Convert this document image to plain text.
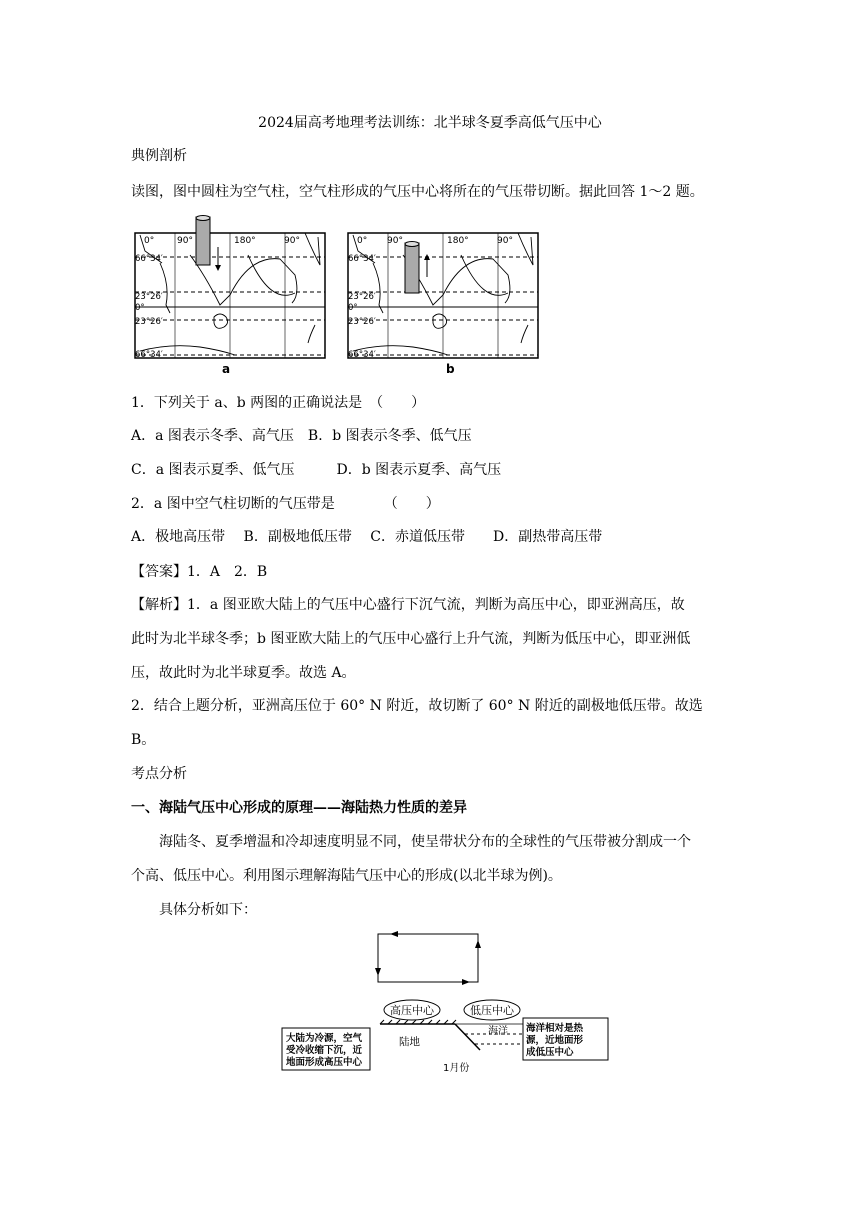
2024届高考地理考法训练：北半球冬夏季高低气压中心
典例剖析
读图，图中圆柱为空气柱，空气柱形成的气压中心将所在的气压带切断。据此回答 1～2 题。
0°	90°	180°	90°
66°34′
23°26′
0°
23°26′
66°34′
a
0° 90°	180°	90°
66°34′
23°26′
0°
23°26′
66°34′
b
1．下列关于 a、b 两图的正确说法是　（　　）
A．a 图表示冬季、高气压　B．b 图表示冬季、低气压
C．a 图表示夏季、低气压　　　D．b 图表示夏季、高气压
2．a 图中空气柱切断的气压带是　　　　（　　）
A．极地高压带　 B．副极地低压带　 C．赤道低压带　　D．副热带高压带
【答案】1．A　2．B
【解析】1．a 图亚欧大陆上的气压中心盛行下沉气流，判断为高压中心，即亚洲高压，故
此时为北半球冬季；b 图亚欧大陆上的气压中心盛行上升气流，判断为低压中心，即亚洲低
压，故此时为北半球夏季。故选 A。
2．结合上题分析，亚洲高压位于 60° N 附近，故切断了 60° N 附近的副极地低压带。故选
B。
考点分析
一、海陆气压中心形成的原理——海陆热力性质的差异
海陆冬、夏季增温和冷却速度明显不同，使呈带状分布的全球性的气压带被分割成一个
个高、低压中心。利用图示理解海陆气压中心的形成(以北半球为例)。
具体分析如下：
高压中心	低压中心
海洋
陆地
1月份
大陆为冷源，空气
受冷收缩下沉，近
地面形成高压中心
海洋相对是热
源，近地面形
成低压中心
